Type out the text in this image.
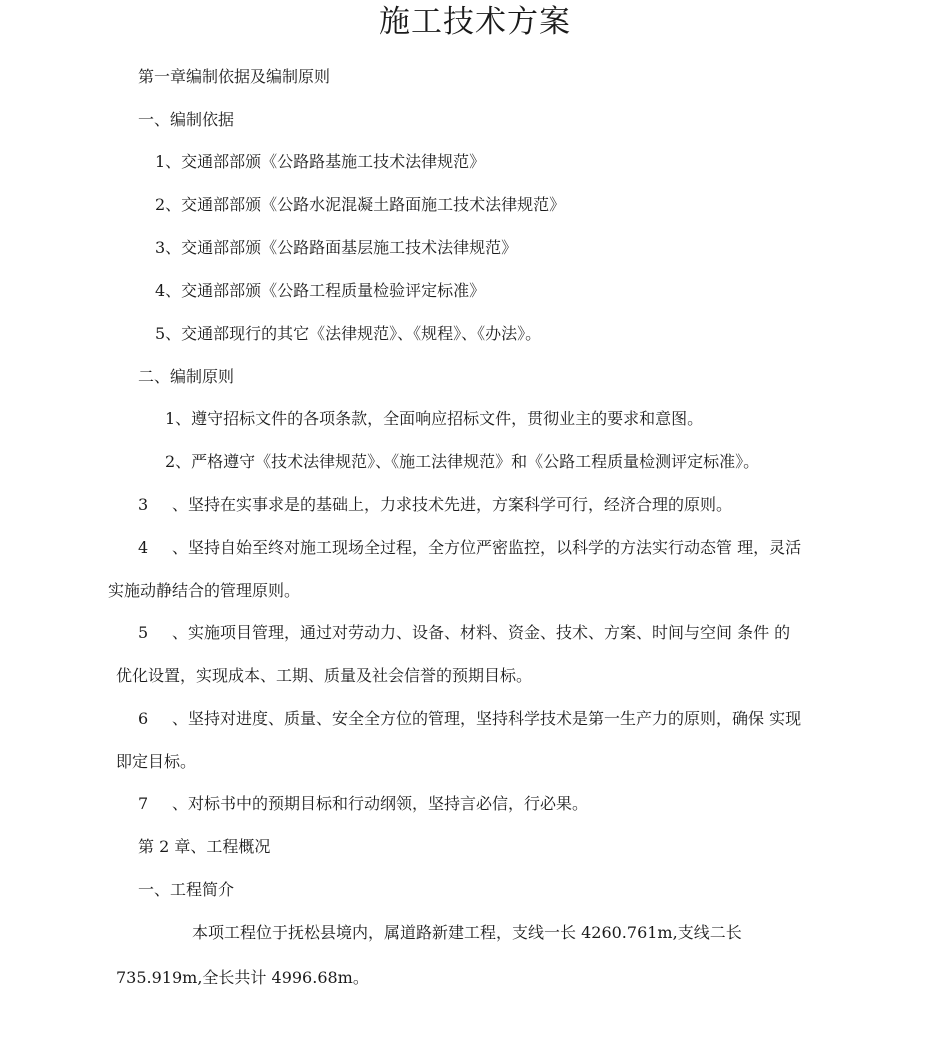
施工技术方案
第一章编制依据及编制原则
一、编制依据
1、交通部部颁《公路路基施工技术法律规范》
2、交通部部颁《公路水泥混凝土路面施工技术法律规范》
3、交通部部颁《公路路面基层施工技术法律规范》
4、交通部部颁《公路工程质量检验评定标准》
5、交通部现行的其它《法律规范》、《规程》、《办法》。
二、编制原则
1、遵守招标文件的各项条款，全面响应招标文件，贯彻业主的要求和意图。
2、严格遵守《技术法律规范》、《施工法律规范》和《公路工程质量检测评定标准》。
3 、坚持在实事求是的基础上，力求技术先进，方案科学可行，经济合理的原则。
4 、坚持自始至终对施工现场全过程，全方位严密监控，以科学的方法实行动态管 理，灵活
实施动静结合的管理原则。
5 、实施项目管理，通过对劳动力、设备、材料、资金、技术、方案、时间与空间 条件 的
优化设置，实现成本、工期、质量及社会信誉的预期目标。
6 、坚持对进度、质量、安全全方位的管理，坚持科学技术是第一生产力的原则，确保 实现
即定目标。
7 、对标书中的预期目标和行动纲领，坚持言必信，行必果。
第 2 章、工程概况
一、工程简介
本项工程位于抚松县境内，属道路新建工程，支线一长 4260.761m,支线二长
735.919m,全长共计 4996.68m。
